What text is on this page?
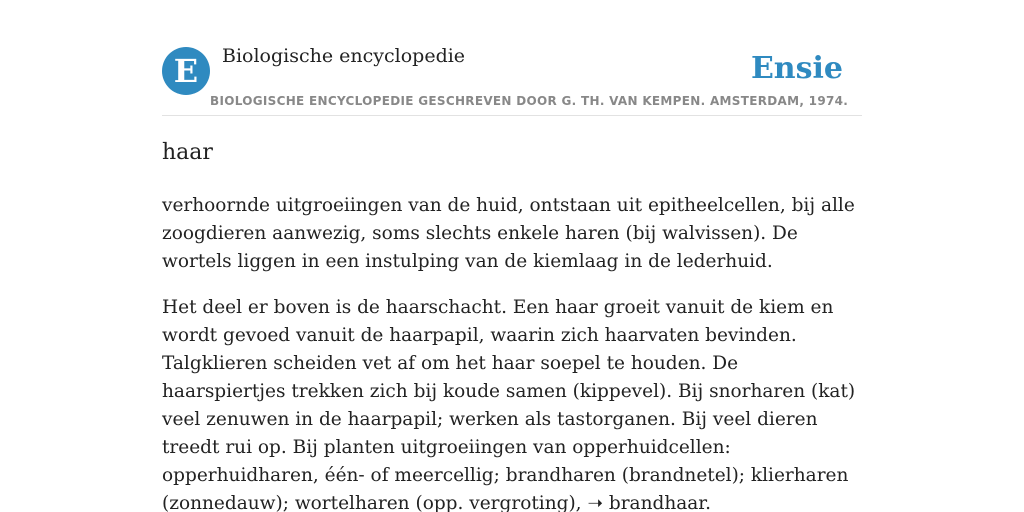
E	Biologische encyclopedie	Ensie
BIOLOGISCHE ENCYCLOPEDIE GESCHREVEN DOOR G. TH. VAN KEMPEN. AMSTERDAM, 1974.
haar

verhoornde uitgroeiingen van de huid, ontstaan uit epitheelcellen, bij alle zoogdieren aanwezig, soms slechts enkele haren (bij walvissen). De wortels liggen in een instulping van de kiemlaag in de lederhuid.

Het deel er boven is de haarschacht. Een haar groeit vanuit de kiem en wordt gevoed vanuit de haarpapil, waarin zich haarvaten bevinden. Talgklieren scheiden vet af om het haar soepel te houden. De haarspiertjes trekken zich bij koude samen (kippevel). Bij snorharen (kat) veel zenuwen in de haarpapil; werken als tastorganen. Bij veel dieren treedt rui op. Bij planten uitgroeiingen van opperhuidcellen: opperhuidharen, één- of meercellig; brandharen (brandnetel); klierharen (zonnedauw); wortelharen (opp. vergroting), ➝ brandhaar.
